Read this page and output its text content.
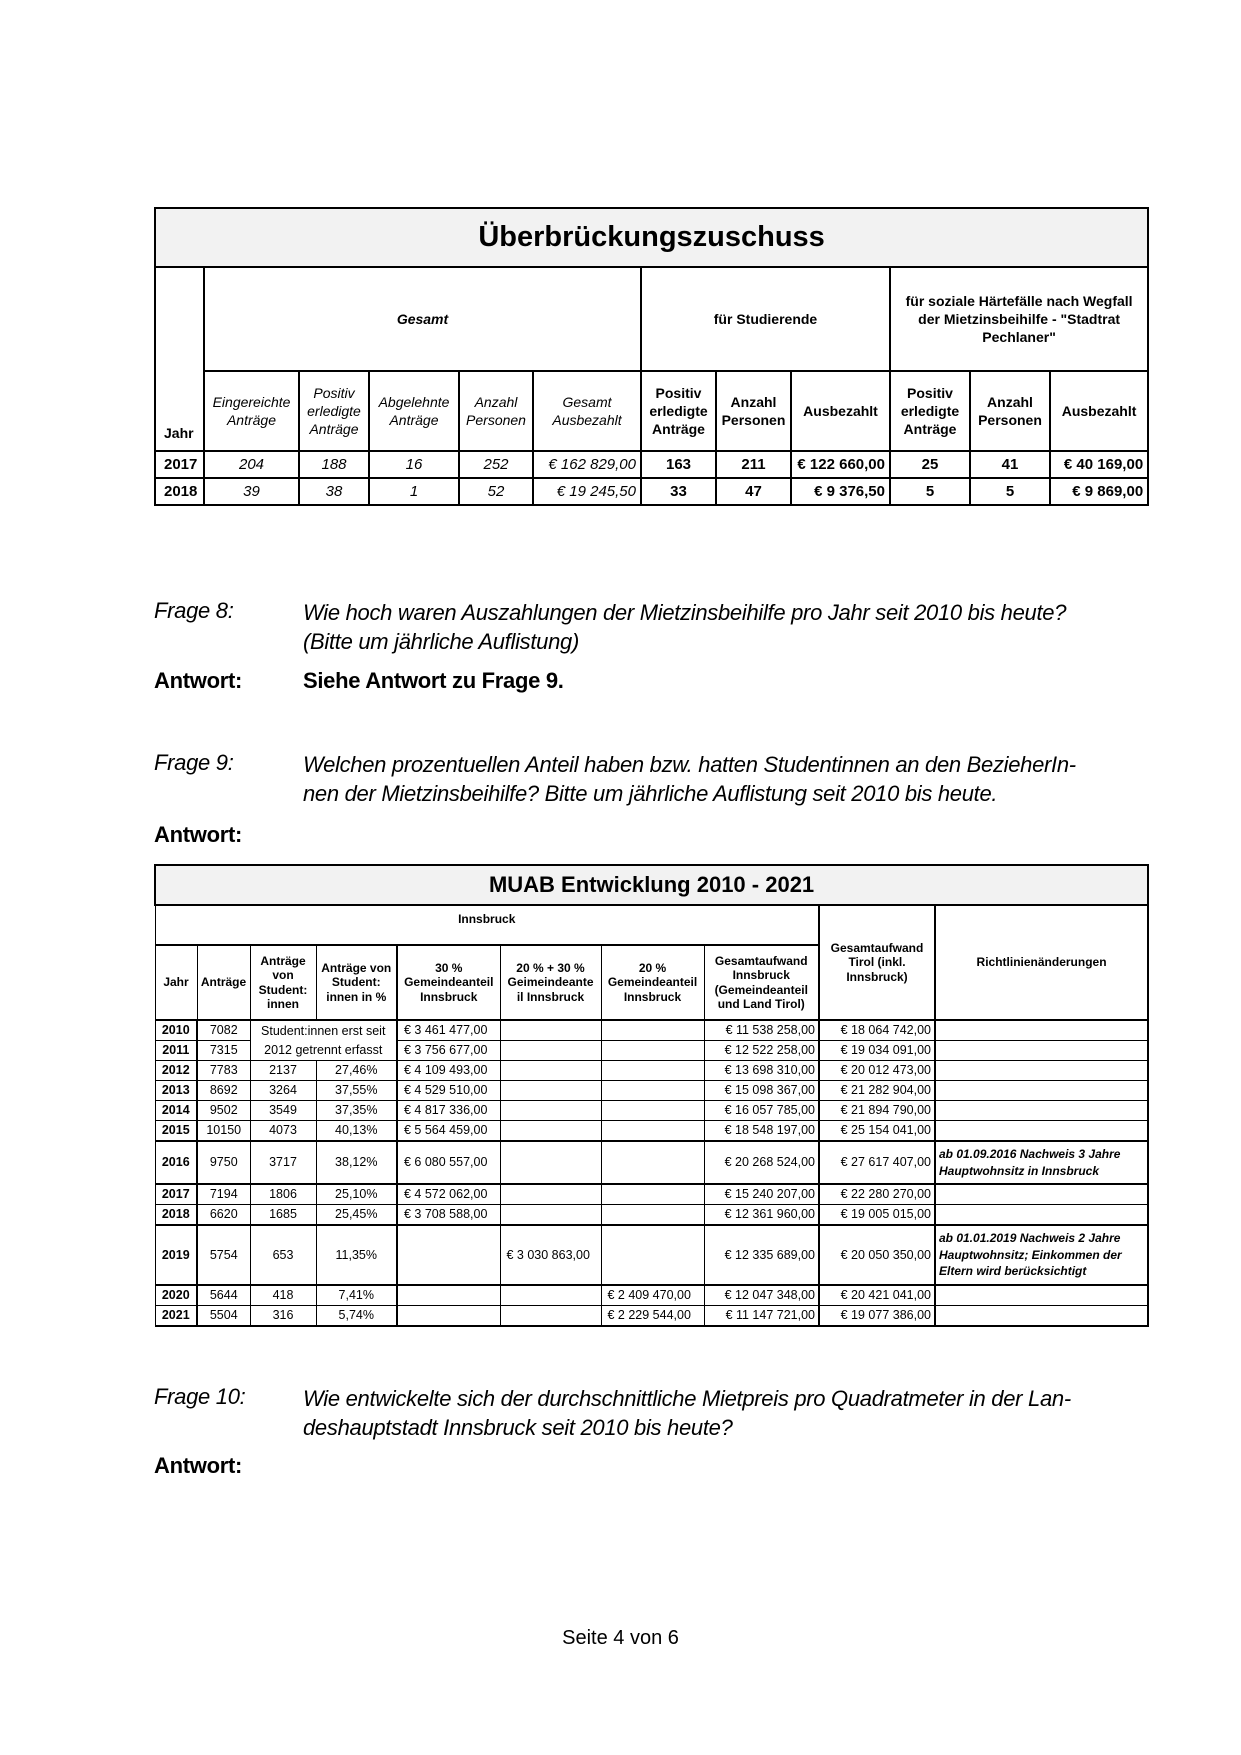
Überbrückungszuschuss											
Jahr	Gesamt					für Studierende			für soziale Härtefälle nach Wegfall der Mietzinsbeihilfe - "Stadtrat Pechlaner"		
	Eingereichte Anträge	Positiv erledigte Anträge	Abgelehnte Anträge	Anzahl Personen	Gesamt Ausbezahlt	Positiv erledigte Anträge	Anzahl Personen	Ausbezahlt	Positiv erledigte Anträge	Anzahl Personen	Ausbezahlt
2017	204	188	16	252	€ 162 829,00	163	211	€ 122 660,00	25	41	€ 40 169,00
2018	39	38	1	52	€ 19 245,50	33	47	€ 9 376,50	5	5	€ 9 869,00
Frage 8:	Wie hoch waren Auszahlungen der Mietzinsbeihilfe pro Jahr seit 2010 bis heute?
(Bitte um jährliche Auflistung)
Antwort:	Siehe Antwort zu Frage 9.
Frage 9:	Welchen prozentuellen Anteil haben bzw. hatten Studentinnen an den BezieherIn-
nen der Mietzinsbeihilfe? Bitte um jährliche Auflistung seit 2010 bis heute.
Antwort:
MUAB Entwicklung 2010 - 2021									
Innsbruck								Gesamtaufwand Tirol (inkl. Innsbruck)	Richtlinienänderungen
Jahr	Anträge	Anträge von Student: innen	Anträge von Student: innen in %	30 % Gemeindeanteil Innsbruck	20 % + 30 % Geimeindeante il Innsbruck	20 % Gemeindeanteil Innsbruck	Gesamtaufwand Innsbruck (Gemeindeanteil und Land Tirol)		
2010	7082	Student:innen erst seit 2012 getrennt erfasst		€ 3 461 477,00			€ 11 538 258,00	€ 18 064 742,00	
2011	7315			€ 3 756 677,00			€ 12 522 258,00	€ 19 034 091,00	
2012	7783	2137	27,46%	€ 4 109 493,00			€ 13 698 310,00	€ 20 012 473,00	
2013	8692	3264	37,55%	€ 4 529 510,00			€ 15 098 367,00	€ 21 282 904,00	
2014	9502	3549	37,35%	€ 4 817 336,00			€ 16 057 785,00	€ 21 894 790,00	
2015	10150	4073	40,13%	€ 5 564 459,00			€ 18 548 197,00	€ 25 154 041,00	
2016	9750	3717	38,12%	€ 6 080 557,00			€ 20 268 524,00	€ 27 617 407,00	ab 01.09.2016 Nachweis 3 Jahre Hauptwohnsitz in Innsbruck
2017	7194	1806	25,10%	€ 4 572 062,00			€ 15 240 207,00	€ 22 280 270,00	
2018	6620	1685	25,45%	€ 3 708 588,00			€ 12 361 960,00	€ 19 005 015,00	
2019	5754	653	11,35%		€ 3 030 863,00		€ 12 335 689,00	€ 20 050 350,00	ab 01.01.2019 Nachweis 2 Jahre Hauptwohnsitz; Einkommen der Eltern wird berücksichtigt
2020	5644	418	7,41%			€ 2 409 470,00	€ 12 047 348,00	€ 20 421 041,00	
2021	5504	316	5,74%			€ 2 229 544,00	€ 11 147 721,00	€ 19 077 386,00	
Frage 10:	Wie entwickelte sich der durchschnittliche Mietpreis pro Quadratmeter in der Lan-
deshauptstadt Innsbruck seit 2010 bis heute?
Antwort:
Seite 4 von 6
